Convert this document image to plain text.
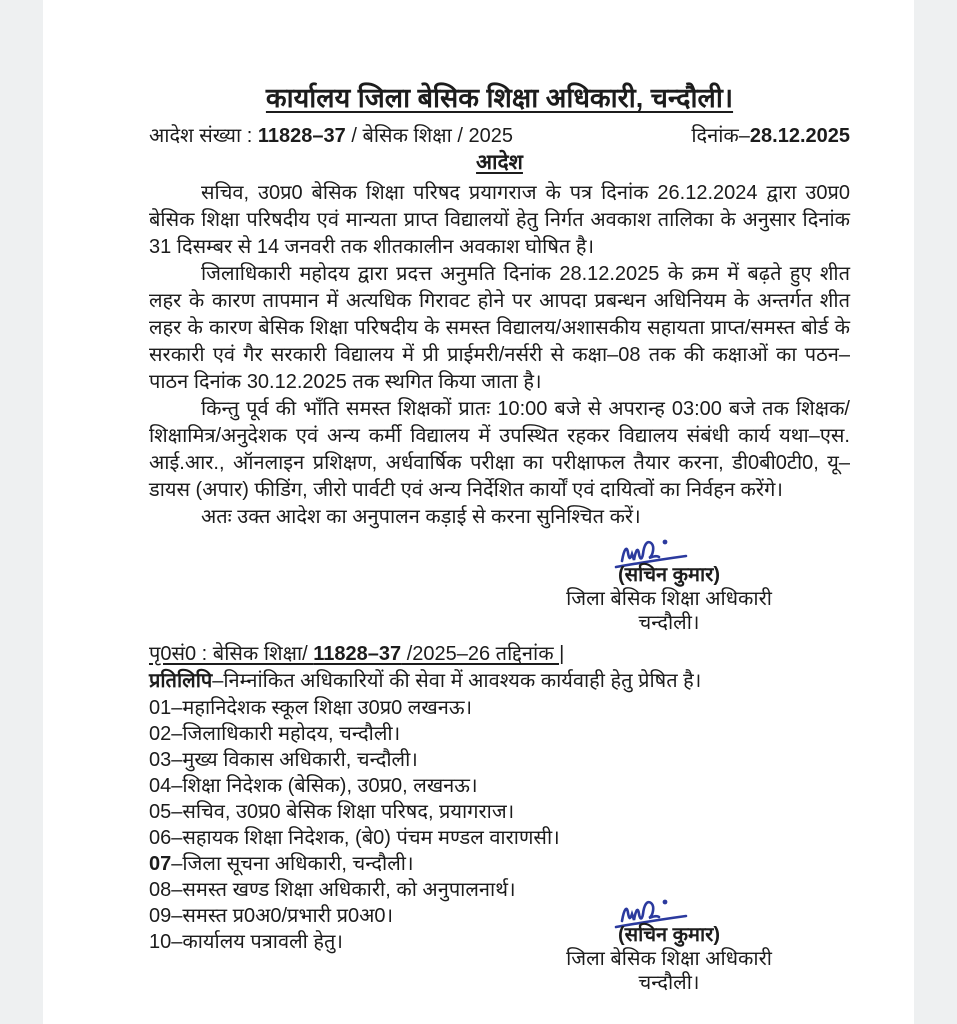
कार्यालय जिला बेसिक शिक्षा अधिकारी, चन्दौली।
आदेश संख्या : 11828–37 / बेसिक शिक्षा / 2025	दिनांक–28.12.2025
आदेश

सचिव, उ0प्र0 बेसिक शिक्षा परिषद प्रयागराज के पत्र दिनांक 26.12.2024 द्वारा उ0प्र0 बेसिक शिक्षा परिषदीय एवं मान्यता प्राप्त विद्यालयों हेतु निर्गत अवकाश तालिका के अनुसार दिनांक 31 दिसम्बर से 14 जनवरी तक शीतकालीन अवकाश घोषित है।

जिलाधिकारी महोदय द्वारा प्रदत्त अनुमति दिनांक 28.12.2025 के क्रम में बढ़ते हुए शीत लहर के कारण तापमान में अत्यधिक गिरावट होने पर आपदा प्रबन्धन अधिनियम के अन्तर्गत शीत लहर के कारण बेसिक शिक्षा परिषदीय के समस्त विद्यालय/अशासकीय सहायता प्राप्त/समस्त बोर्ड के सरकारी एवं गैर सरकारी विद्यालय में प्री प्राईमरी/नर्सरी से कक्षा–08 तक की कक्षाओं का पठन–पाठन दिनांक 30.12.2025 तक स्थगित किया जाता है।

किन्तु पूर्व की भाँति समस्त शिक्षकों प्रातः 10:00 बजे से अपरान्ह 03:00 बजे तक शिक्षक/ शिक्षामित्र/अनुदेशक एवं अन्य कर्मी विद्यालय में उपस्थित रहकर विद्यालय संबंधी कार्य यथा–एस. आई.आर., ऑनलाइन प्रशिक्षण, अर्धवार्षिक परीक्षा का परीक्षाफल तैयार करना, डी0बी0टी0, यू–डायस (अपार) फीडिंग, जीरो पार्वटी एवं अन्य निर्देशित कार्यों एवं दायित्वों का निर्वहन करेंगे।

अतः उक्त आदेश का अनुपालन कड़ाई से करना सुनिश्चित करें।

(सचिन कुमार)
जिला बेसिक शिक्षा अधिकारी
चन्दौली।
पृ0सं0 : बेसिक शिक्षा/ 11828–37 /2025–26 तद्दिनांक |
प्रतिलिपि–निम्नांकित अधिकारियों की सेवा में आवश्यक कार्यवाही हेतु प्रेषित है।
01–महानिदेशक स्कूल शिक्षा उ0प्र0 लखनऊ।
02–जिलाधिकारी महोदय, चन्दौली।
03–मुख्य विकास अधिकारी, चन्दौली।
04–शिक्षा निदेशक (बेसिक), उ0प्र0, लखनऊ।
05–सचिव, उ0प्र0 बेसिक शिक्षा परिषद, प्रयागराज।
06–सहायक शिक्षा निदेशक, (बे0) पंचम मण्डल वाराणसी।
07–जिला सूचना अधिकारी, चन्दौली।
08–समस्त खण्ड शिक्षा अधिकारी, को अनुपालनार्थ।
09–समस्त प्र0अ0/प्रभारी प्र0अ0।
10–कार्यालय पत्रावली हेतु।	(सचिन कुमार)
जिला बेसिक शिक्षा अधिकारी
चन्दौली।
